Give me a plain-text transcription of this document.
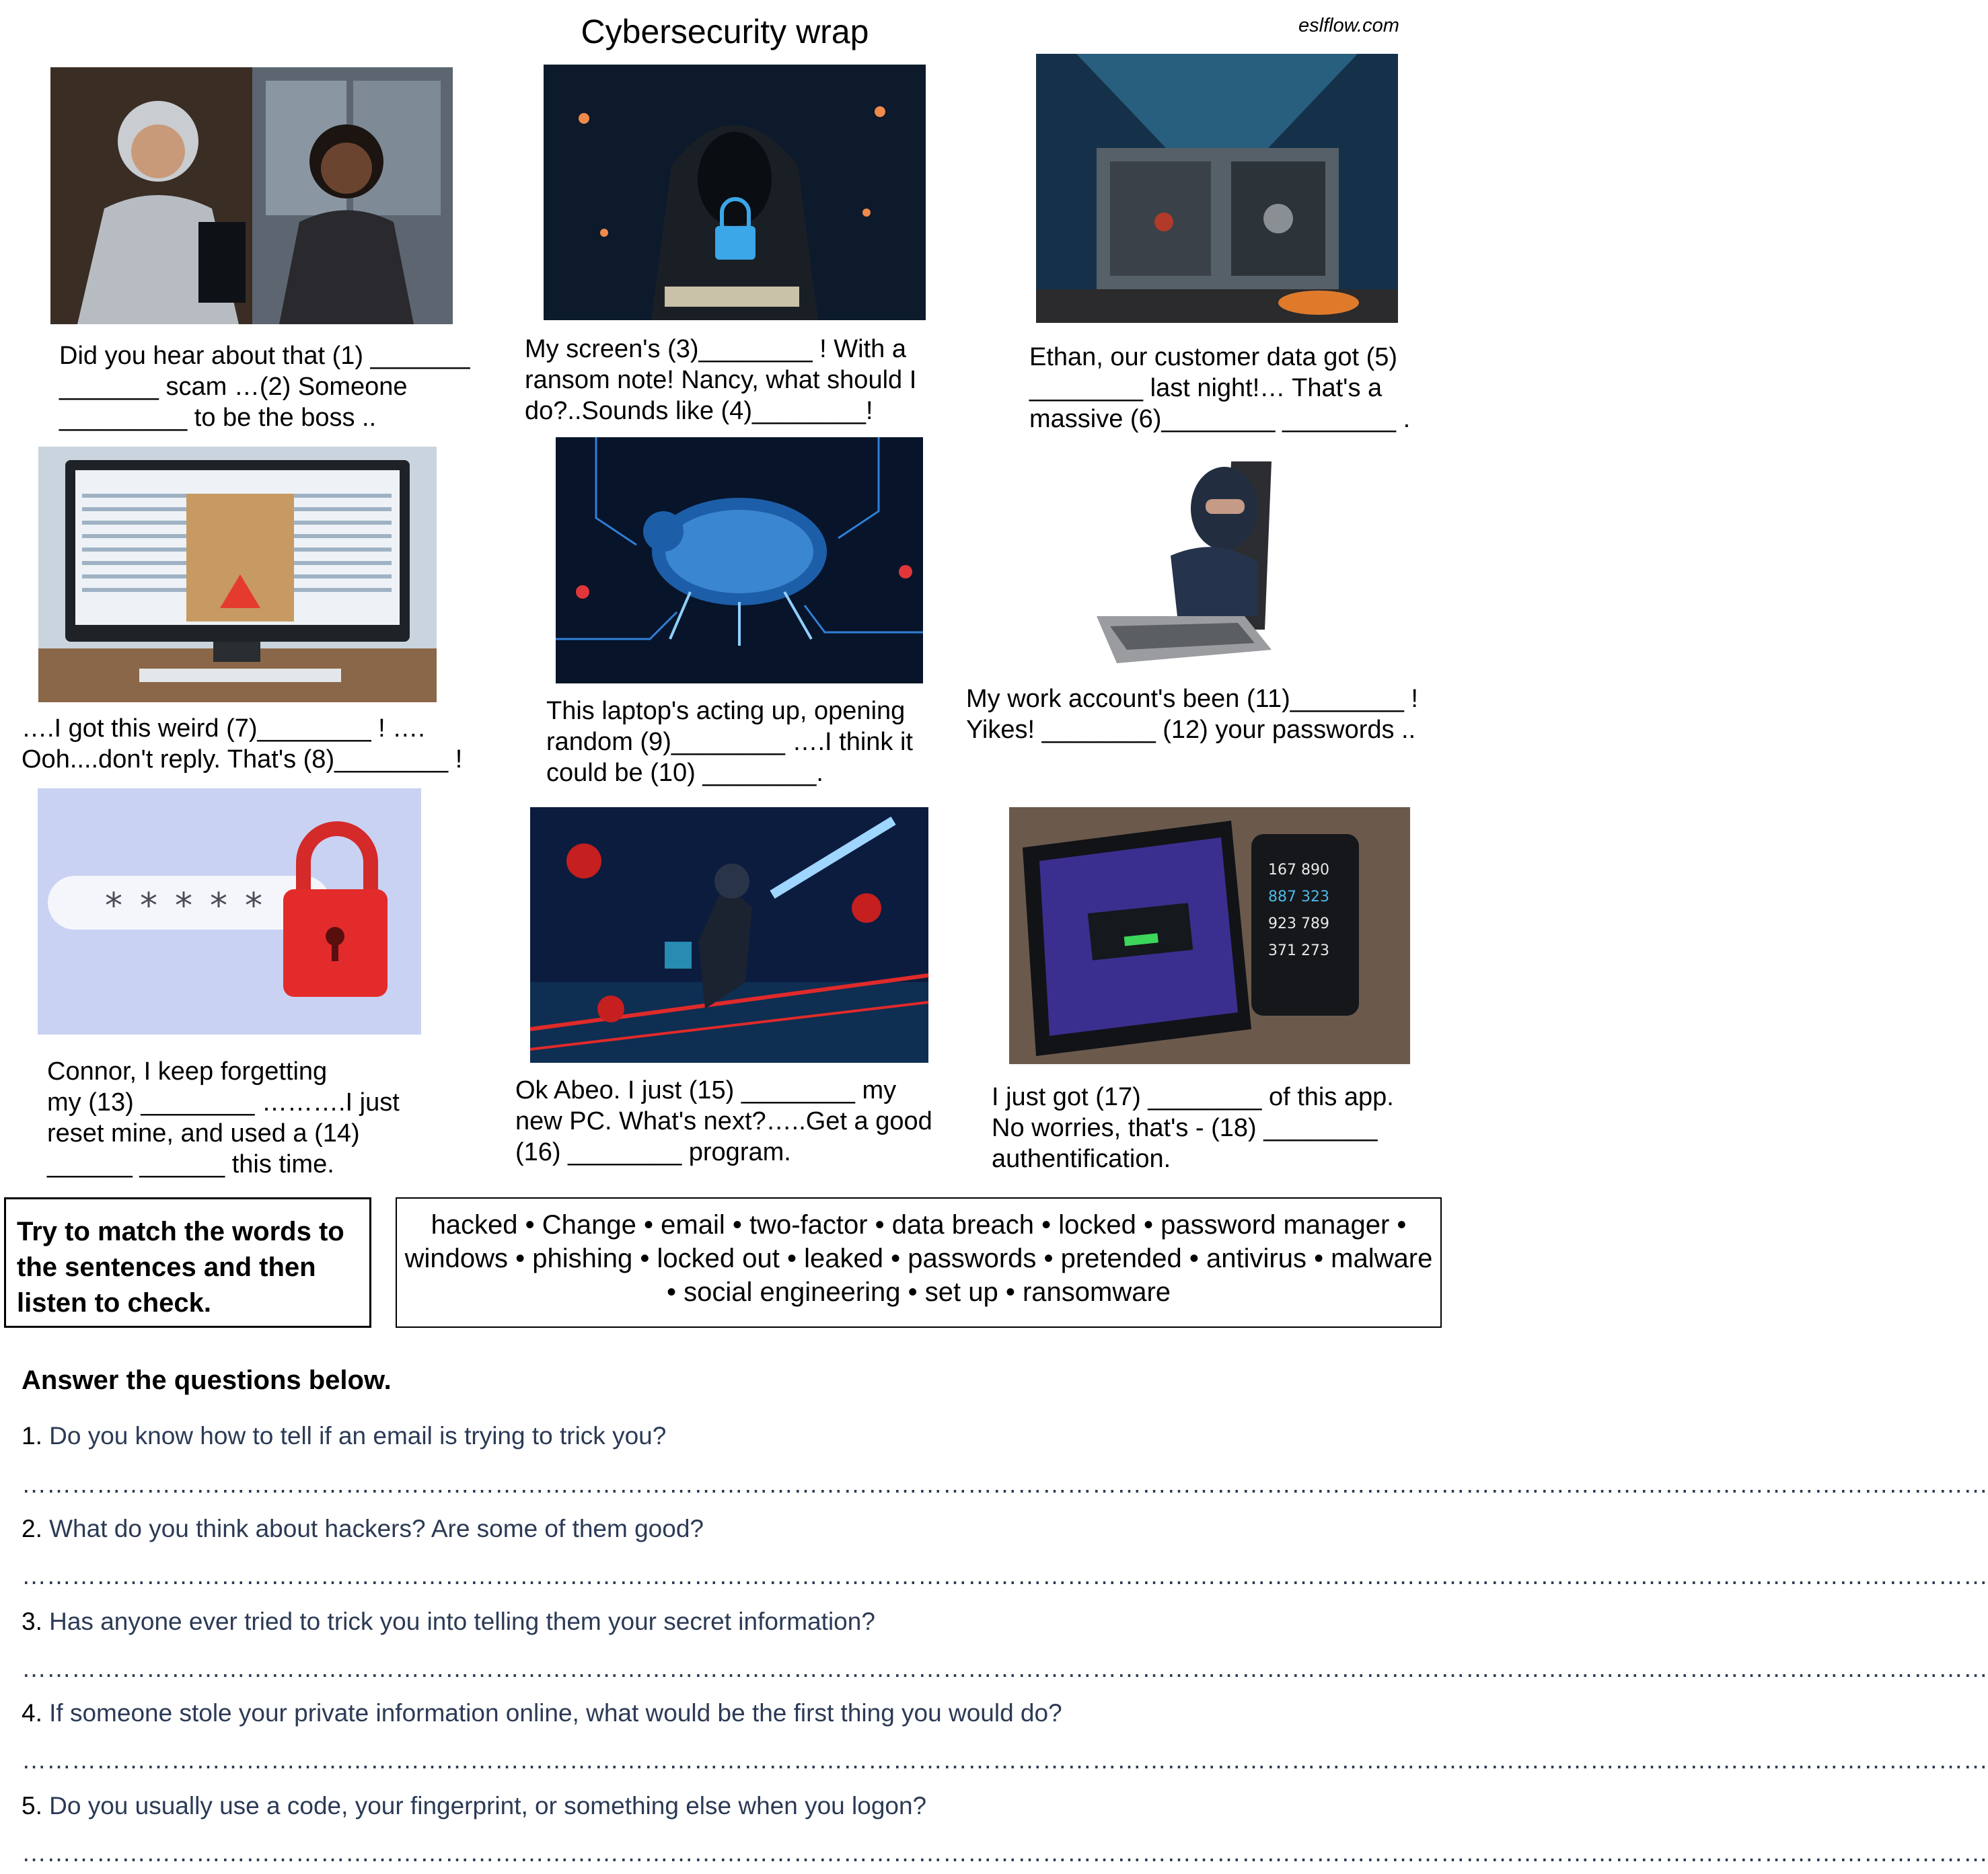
Cybersecurity wrap	eslflow.com
Did you hear about that (1) _______
_______ scam …(2) Someone
_________ to be the boss ..
My screen's (3)________ ! With a
ransom note! Nancy, what should I
do?..Sounds like (4)________!
Ethan, our customer data got (5)
________ last night!… That's a
massive (6)________ ________ .
….I got this weird (7)________ ! ….
Ooh....don't reply. That's (8)________ !
This laptop's acting up, opening
random (9)________ ….I think it
could be (10) ________.
My work account's been (11)________ !
Yikes! ________ (12) your passwords ..
* * * * *
167 890
887 323
923 789
371 273
Connor, I keep forgetting
my (13) ________ ……….I just
reset mine, and used a (14)
______ ______ this time.
Ok Abeo. I just (15) ________ my
new PC. What's next?…..Get a good
(16) ________ program.
I just got (17) ________ of this app.
No worries, that's - (18) ________
authentification.
Try to match the words to the sentences and then listen to check.
hacked • Change • email • two-factor • data breach • locked • password manager • windows • phishing • locked out • leaked • passwords • pretended • antivirus • malware • social engineering • set up • ransomware
Answer the questions below.
1. Do you know how to tell if an email is trying to trick you?
…………………………………………………………………………………………………………………………………………………………………………………………………………………
2. What do you think about hackers? Are some of them good?
…………………………………………………………………………………………………………………………………………………………………………………………………………………
3. Has anyone ever tried to trick you into telling them your secret information?
…………………………………………………………………………………………………………………………………………………………………………………………………………………
4. If someone stole your private information online, what would be the first thing you would do?
…………………………………………………………………………………………………………………………………………………………………………………………………………………
5. Do you usually use a code, your fingerprint, or something else when you logon?
…………………………………………………………………………………………………………………………………………………………………………………………………………………
